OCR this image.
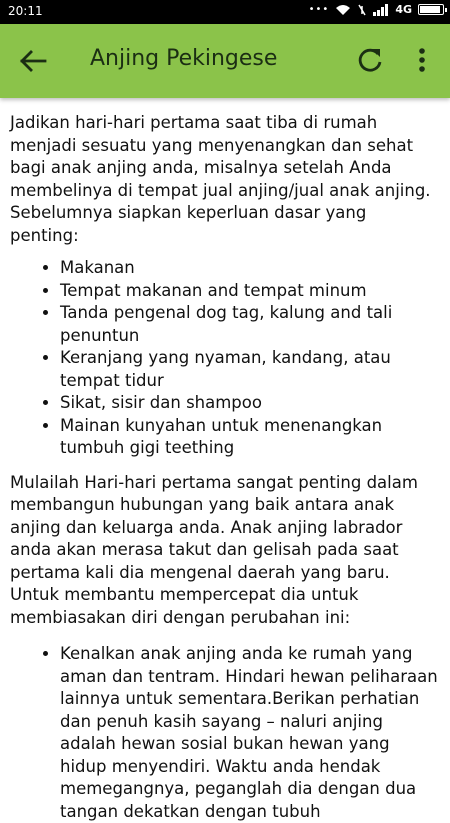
20:11	•••	4G
Anjing Pekingese

Jadikan hari-hari pertama saat tiba di rumah menjadi sesuatu yang menyenangkan dan sehat bagi anak anjing anda, misalnya setelah Anda membelinya di tempat jual anjing/jual anak anjing. Sebelumnya siapkan keperluan dasar yang penting:

• Makanan
• Tempat makanan and tempat minum
• Tanda pengenal dog tag, kalung and tali penuntun
• Keranjang yang nyaman, kandang, atau tempat tidur
• Sikat, sisir dan shampoo
• Mainan kunyahan untuk menenangkan tumbuh gigi teething

Mulailah Hari-hari pertama sangat penting dalam membangun hubungan yang baik antara anak anjing dan keluarga anda. Anak anjing labrador anda akan merasa takut dan gelisah pada saat pertama kali dia mengenal daerah yang baru. Untuk membantu mempercepat dia untuk membiasakan diri dengan perubahan ini:

• Kenalkan anak anjing anda ke rumah yang aman dan tentram. Hindari hewan peliharaan lainnya untuk sementara.Berikan perhatian dan penuh kasih sayang – naluri anjing adalah hewan sosial bukan hewan yang hidup menyendiri. Waktu anda hendak memegangnya, peganglah dia dengan dua tangan dekatkan dengan tubuh
